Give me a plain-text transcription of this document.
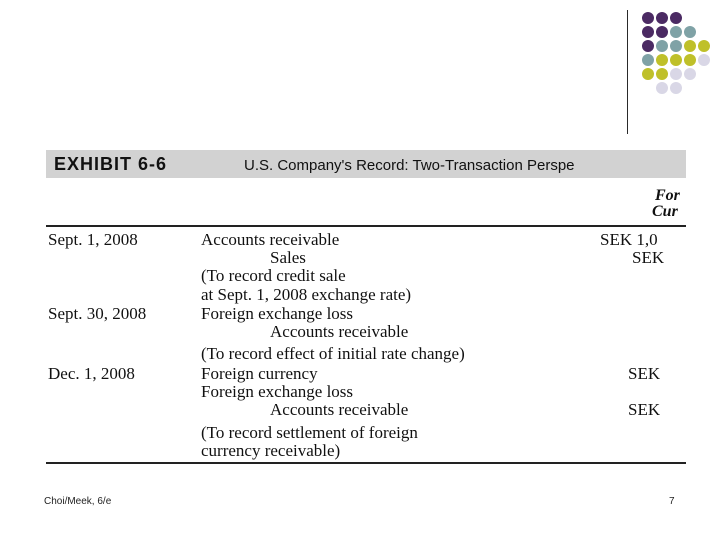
EXHIBIT 6-6	U.S. Company's Record: Two-Transaction Perspe
For
Cur
Sept. 1, 2008	Accounts receivable	SEK 1,0
Sales	SEK
(To record credit sale
at Sept. 1, 2008 exchange rate)
Sept. 30, 2008	Foreign exchange loss
Accounts receivable
(To record effect of initial rate change)
Dec. 1, 2008	Foreign currency	SEK
Foreign exchange loss
Accounts receivable	SEK
(To record settlement of foreign
currency receivable)
Choi/Meek, 6/e	7
